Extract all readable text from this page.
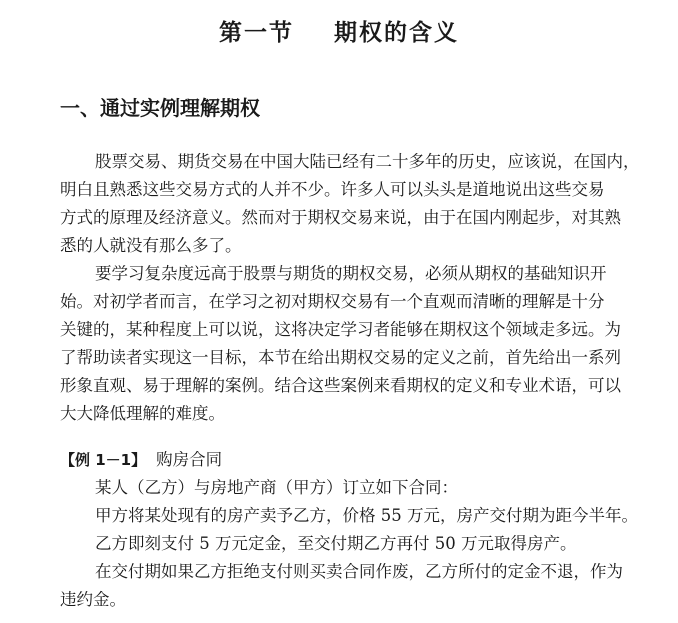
第一节    期权的含义
一、通过实例理解期权
股票交易、期货交易在中国大陆已经有二十多年的历史，应该说，在国内，
明白且熟悉这些交易方式的人并不少。许多人可以头头是道地说出这些交易
方式的原理及经济意义。然而对于期权交易来说，由于在国内刚起步，对其熟
悉的人就没有那么多了。
要学习复杂度远高于股票与期货的期权交易，必须从期权的基础知识开
始。对初学者而言，在学习之初对期权交易有一个直观而清晰的理解是十分
关键的，某种程度上可以说，这将决定学习者能够在期权这个领域走多远。为
了帮助读者实现这一目标，本节在给出期权交易的定义之前，首先给出一系列
形象直观、易于理解的案例。结合这些案例来看期权的定义和专业术语，可以
大大降低理解的难度。
【例 1－1】 购房合同
某人（乙方）与房地产商（甲方）订立如下合同：
甲方将某处现有的房产卖予乙方，价格 55 万元，房产交付期为距今半年。
乙方即刻支付 5 万元定金，至交付期乙方再付 50 万元取得房产。
在交付期如果乙方拒绝支付则买卖合同作废，乙方所付的定金不退，作为
违约金。
